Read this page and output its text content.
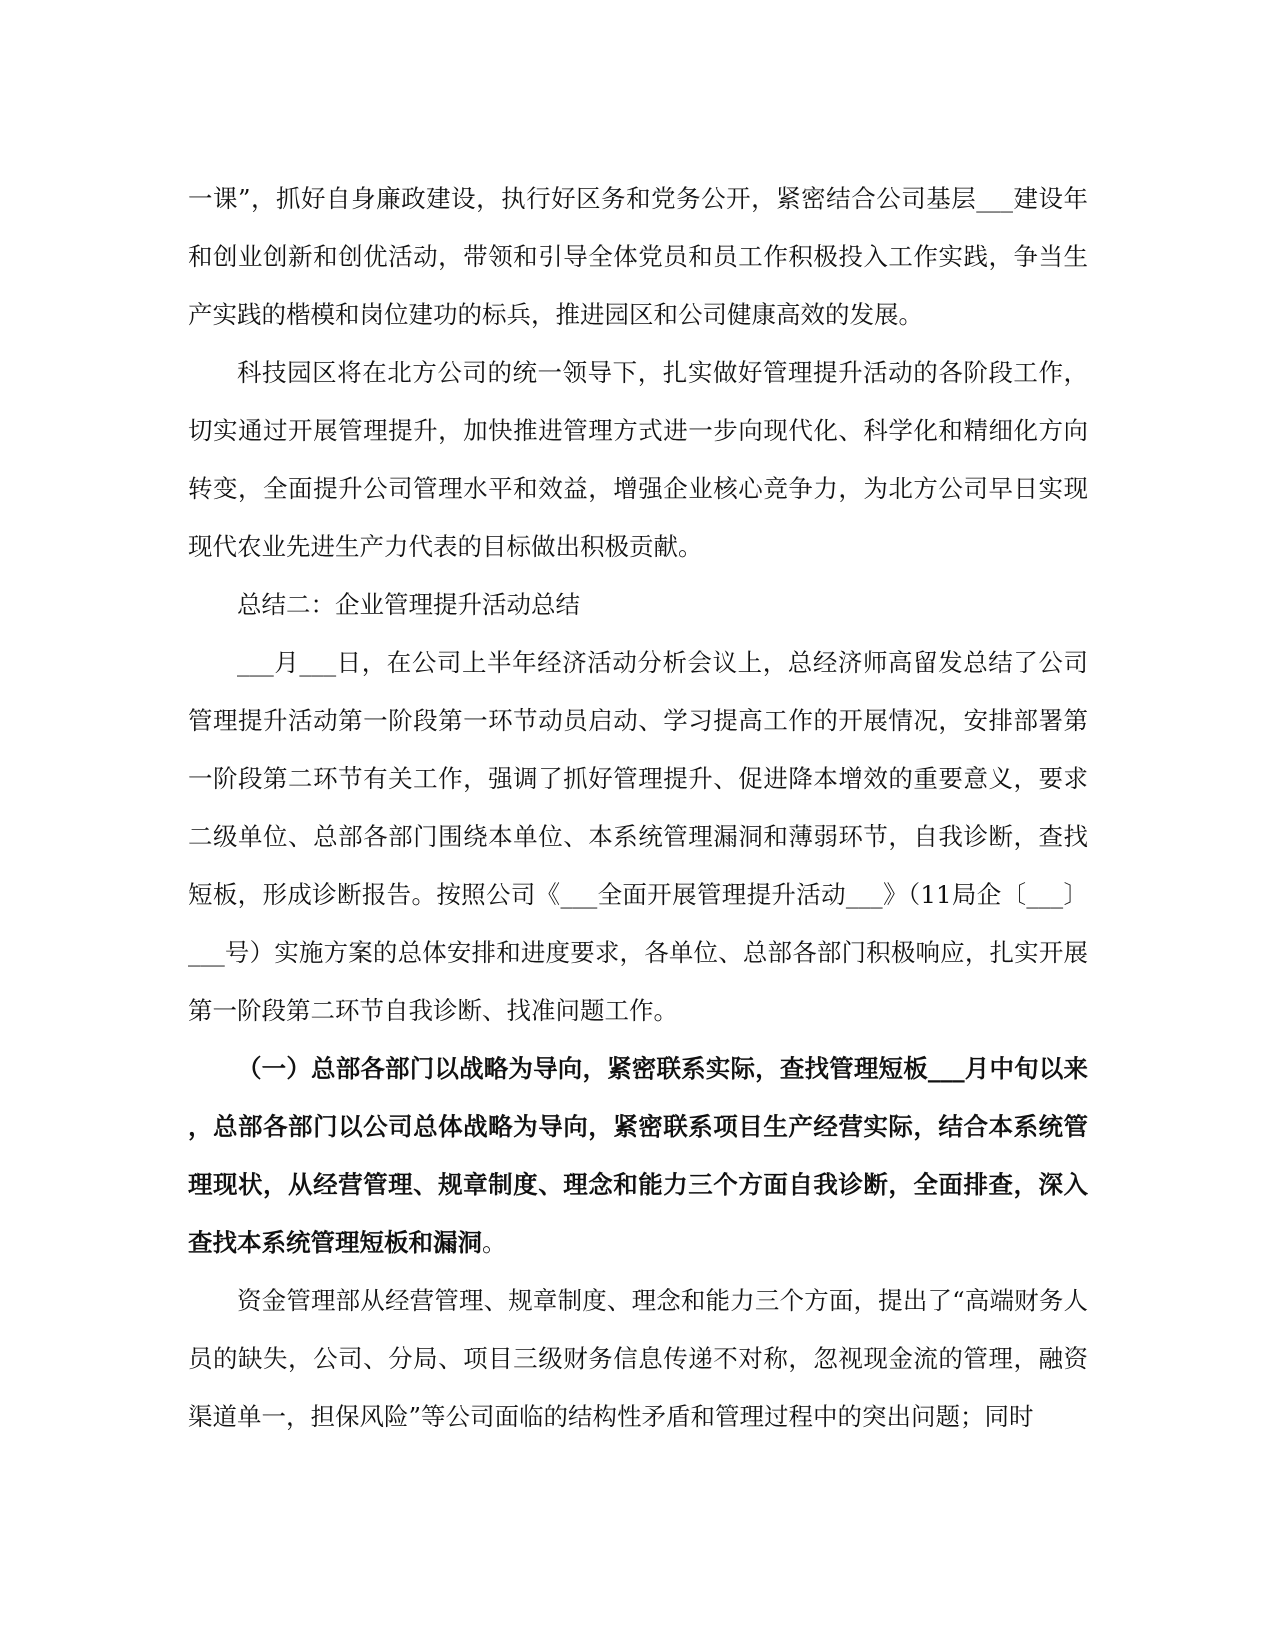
一课”，抓好自身廉政建设，执行好区务和党务公开，紧密结合公司基层___建设年和创业创新和创优活动，带领和引导全体党员和员工作积极投入工作实践，争当生产实践的楷模和岗位建功的标兵，推进园区和公司健康高效的发展。

科技园区将在北方公司的统一领导下，扎实做好管理提升活动的各阶段工作，切实通过开展管理提升，加快推进管理方式进一步向现代化、科学化和精细化方向转变，全面提升公司管理水平和效益，增强企业核心竞争力，为北方公司早日实现现代农业先进生产力代表的目标做出积极贡献。

总结二：企业管理提升活动总结

___月___日，在公司上半年经济活动分析会议上，总经济师高留发总结了公司管理提升活动第一阶段第一环节动员启动、学习提高工作的开展情况，安排部署第一阶段第二环节有关工作，强调了抓好管理提升、促进降本增效的重要意义，要求二级单位、总部各部门围绕本单位、本系统管理漏洞和薄弱环节，自我诊断，查找短板，形成诊断报告。按照公司《___全面开展管理提升活动___》（11局企〔___〕___号）实施方案的总体安排和进度要求，各单位、总部各部门积极响应，扎实开展第一阶段第二环节自我诊断、找准问题工作。

（一）总部各部门以战略为导向，紧密联系实际，查找管理短板___月中旬以来，总部各部门以公司总体战略为导向，紧密联系项目生产经营实际，结合本系统管理现状，从经营管理、规章制度、理念和能力三个方面自我诊断，全面排查，深入查找本系统管理短板和漏洞。

资金管理部从经营管理、规章制度、理念和能力三个方面，提出了“高端财务人员的缺失，公司、分局、项目三级财务信息传递不对称，忽视现金流的管理，融资渠道单一，担保风险”等公司面临的结构性矛盾和管理过程中的突出问题；同时
